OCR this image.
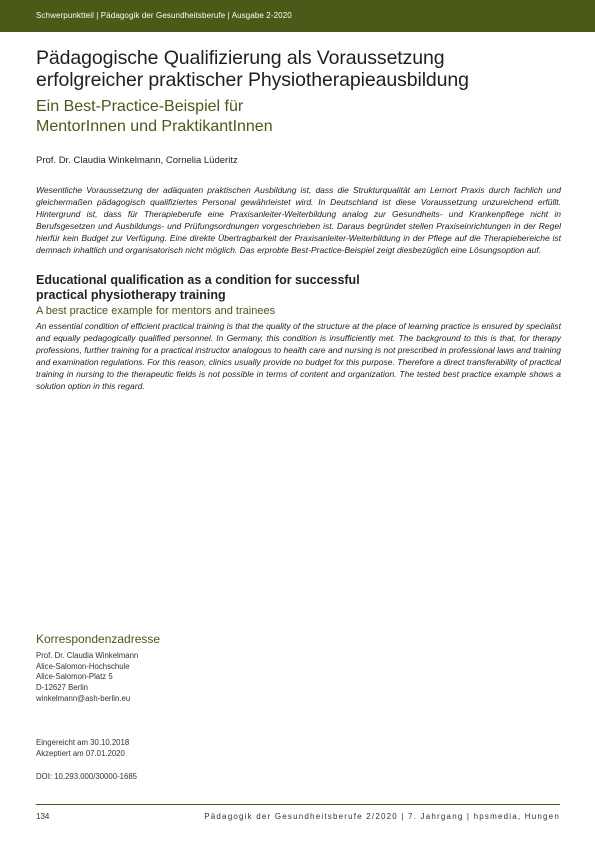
Schwerpunktteil | Pädagogik der Gesundheitsberufe | Ausgabe 2-2020
Pädagogische Qualifizierung als Voraussetzung
erfolgreicher praktischer Physiotherapieausbildung
Ein Best-Practice-Beispiel für
MentorInnen und PraktikantInnen

Prof. Dr. Claudia Winkelmann, Cornelia Lüderitz

Wesentliche Voraussetzung der adäquaten praktischen Ausbildung ist, dass die Strukturqualität am Lernort Praxis durch fachlich und gleichermaßen pädagogisch qualifiziertes Personal gewährleistet wird. In Deutschland ist diese Voraussetzung unzureichend erfüllt. Hintergrund ist, dass für Therapieberufe eine Praxisanleiter-Weiterbildung analog zur Gesundheits- und Krankenpflege nicht in Berufsgesetzen und Ausbildungs- und Prüfungsordnungen vorgeschrieben ist. Daraus begründet stellen Praxiseinrichtungen in der Regel hierfür kein Budget zur Verfügung. Eine direkte Übertragbarkeit der Praxisanleiter-Weiterbildung in der Pflege auf die Therapiebereiche ist demnach inhaltlich und organisatorisch nicht möglich. Das erprobte Best-Practice-Beispiel zeigt diesbezüglich eine Lösungsoption auf.

Educational qualification as a condition for successful
practical physiotherapy training

A best practice example for mentors and trainees

An essential condition of efficient practical training is that the quality of the structure at the place of learning practice is ensured by specialist and equally pedagogically qualified personnel. In Germany, this condition is insufficiently met. The background to this is that, for therapy professions, further training for a practical instructor analogous to health care and nursing is not prescribed in professional laws and training and examination regulations. For this reason, clinics usually provide no budget for this purpose. Therefore a direct transferability of practical training in nursing to the therapeutic fields is not possible in terms of content and organization. The tested best practice example shows a solution option in this regard.

Korrespondenzadresse
Prof. Dr. Claudia Winkelmann
Alice-Salomon-Hochschule
Alice-Salomon-Platz 5
D-12627 Berlin
winkelmann@ash-berlin.eu
Eingereicht am 30.10.2018
Akzeptiert am 07.01.2020
DOI: 10.293.000/30000-1685
134	Pädagogik der Gesundheitsberufe 2/2020 | 7. Jahrgang | hpsmedia, Hungen
